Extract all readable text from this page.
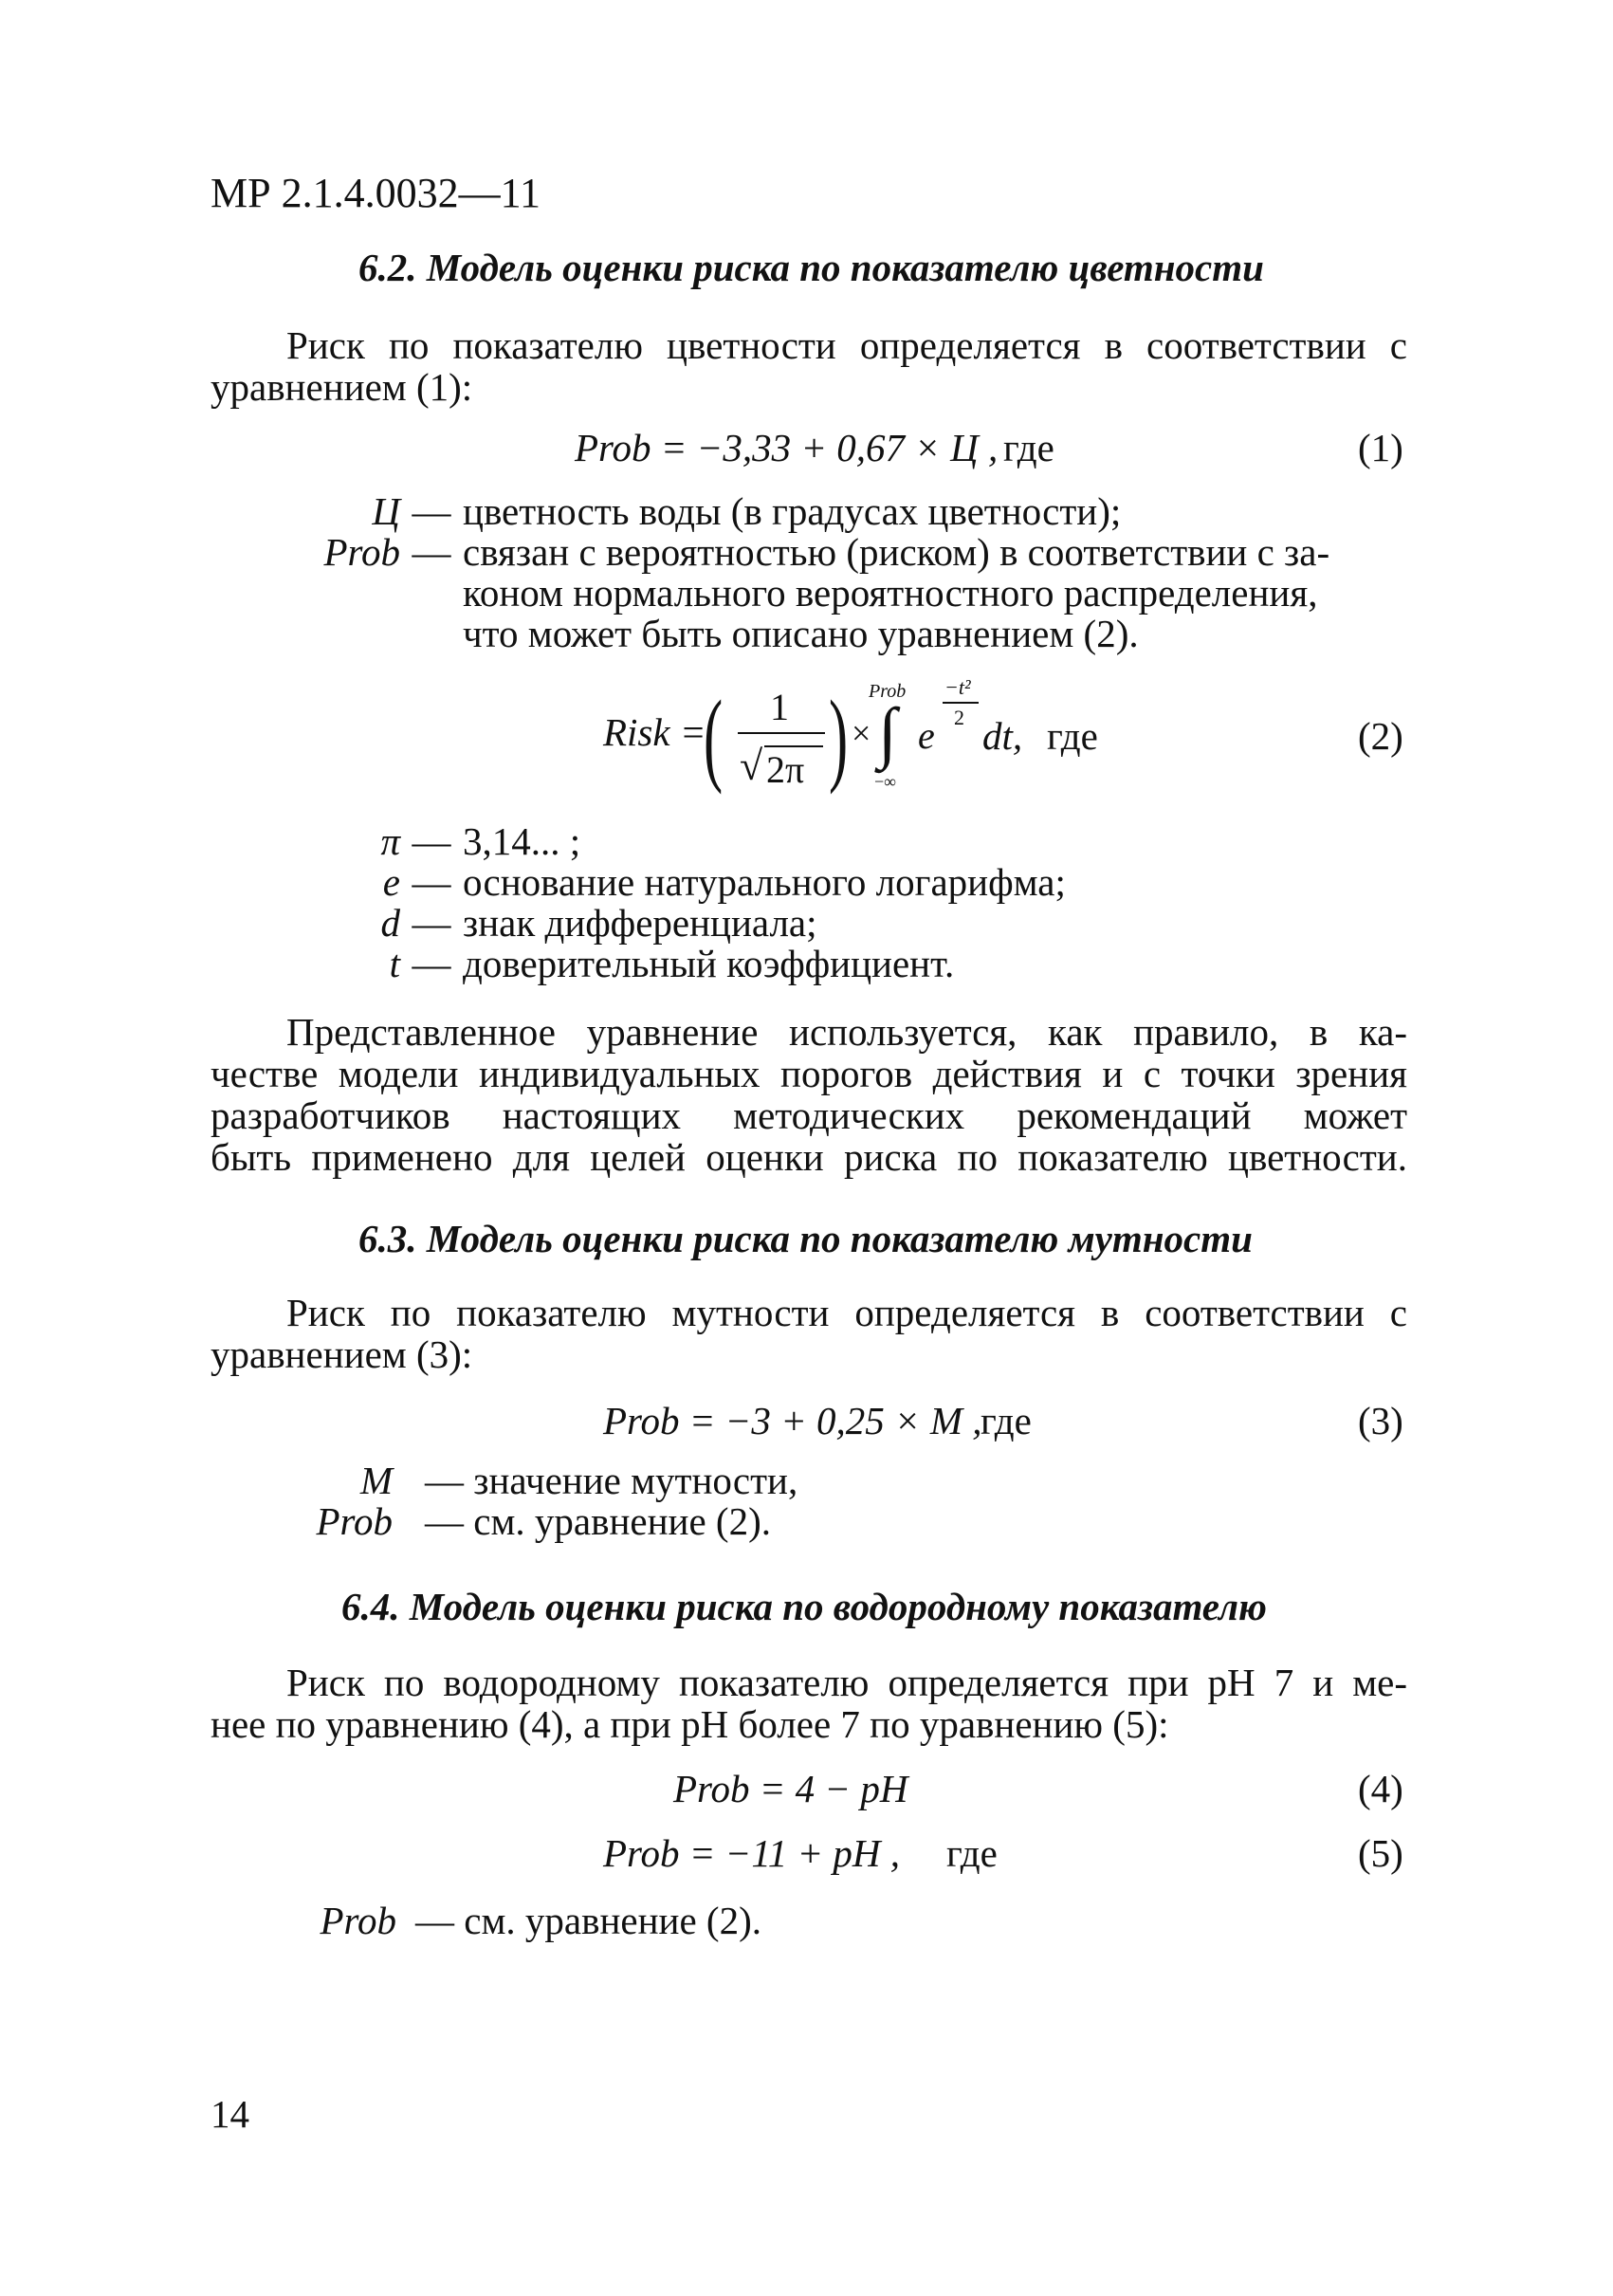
МР 2.1.4.0032—11
6.2. Модель оценки риска по показателю цветности
Риск по показателю цветности определяется в соответствии с
уравнением (1):
Prob = −3,33 + 0,67 × Ц , где	(1)
Ц — цветность воды (в градусах цветности);
Prob — связан с вероятностью (риском) в соответствии с за-
коном нормального вероятностного распределения,
что может быть описано уравнением (2).
Risk =
( 1
√ 2π ) ×
Prob
∫
−∞
e
−t²
2 dt, где	(2)
π — 3,14... ;
e — основание натурального логарифма;
d — знак дифференциала;
t — доверительный коэффициент.
Представленное уравнение используется, как правило, в ка-
честве модели индивидуальных порогов действия и с точки зрения
разработчиков настоящих методических рекомендаций может
быть применено для целей оценки риска по показателю цветности.
6.3. Модель оценки риска по показателю мутности
Риск по показателю мутности определяется в соответствии с
уравнением (3):
Prob = −3 + 0,25 × M ,
где	(3)
M — значение мутности,
Prob — см. уравнение (2).
6.4. Модель оценки риска по водородному показателю
Риск по водородному показателю определяется при pH 7 и ме-
нее по уравнению (4), а при pH более 7 по уравнению (5):
Prob = 4 − pH	(4)
Prob = −11 + pH , где	(5)
Prob — см. уравнение (2).
14
